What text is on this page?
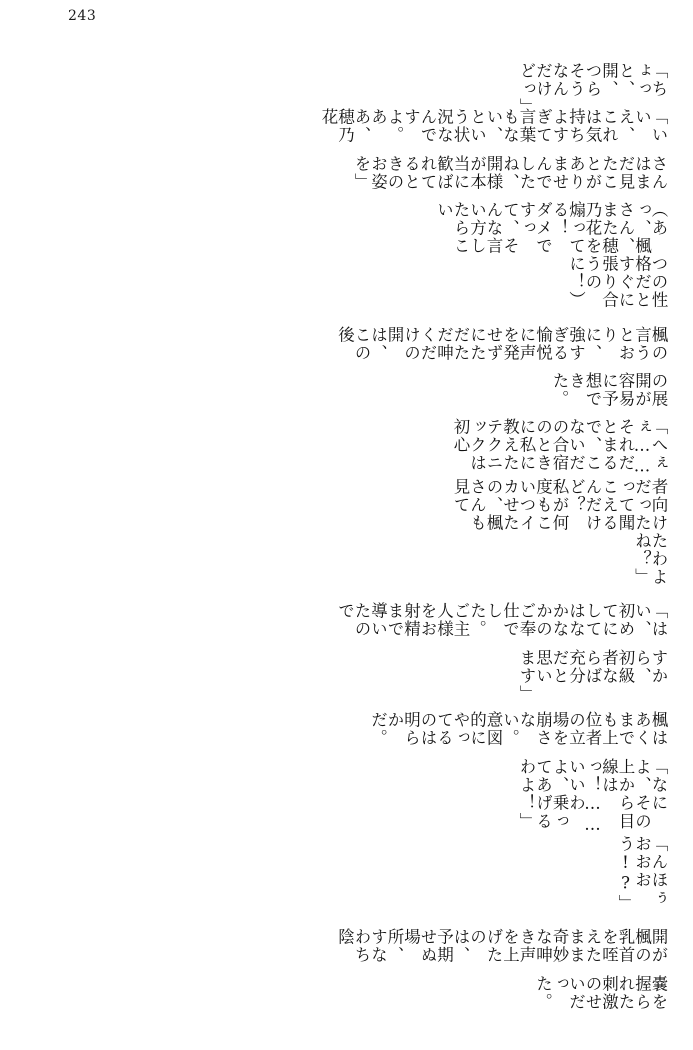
243
「ちょっと、開、つらそうなんだけどっ」
「いいえ、これは気持ちよすぎて言葉もない、という状況なんですよ。ああ、穂乃花
さんはまだ見たことがありませんでしたね、開様が本当に歓ばれてるときのお姿を」
（あっ、楓さん、また穂乃花を煽ってる！　ダメですって、そんな言い方したらこい
つの性格だとすぐに張り合うのに！）
楓の言うとおりに、強すぎる愉悦に声を発せずにただただ呻くだけの開は、この後
の展開が容易に予想できた。
「へぇぇ……それだとまるで、こないだの合宿のときに私に教えたテクニックは初心
者向けだったって聞こえるんだけど？　私が何度もこいつイカせたの、楓さんも見て
たわよね？」
「はい、初めてにしてはなかなかのご奉仕でした。ご主人様をお射精まで導いたので
すから、初級者ならば充分だと思います」
楓はあくまでも上位者の立場を崩さない。意図的にやってるのは明らかだ。
「なによ、その上から目線はっ！……いいわよ、乗ってあげるわよ！」
「んほぅおおおう!?」
開が楓の乳首を咥えたまま奇妙な呻き声を上げたのは、予期せぬ場所、すなわち陰
嚢を握られた刺激のせいだった。
